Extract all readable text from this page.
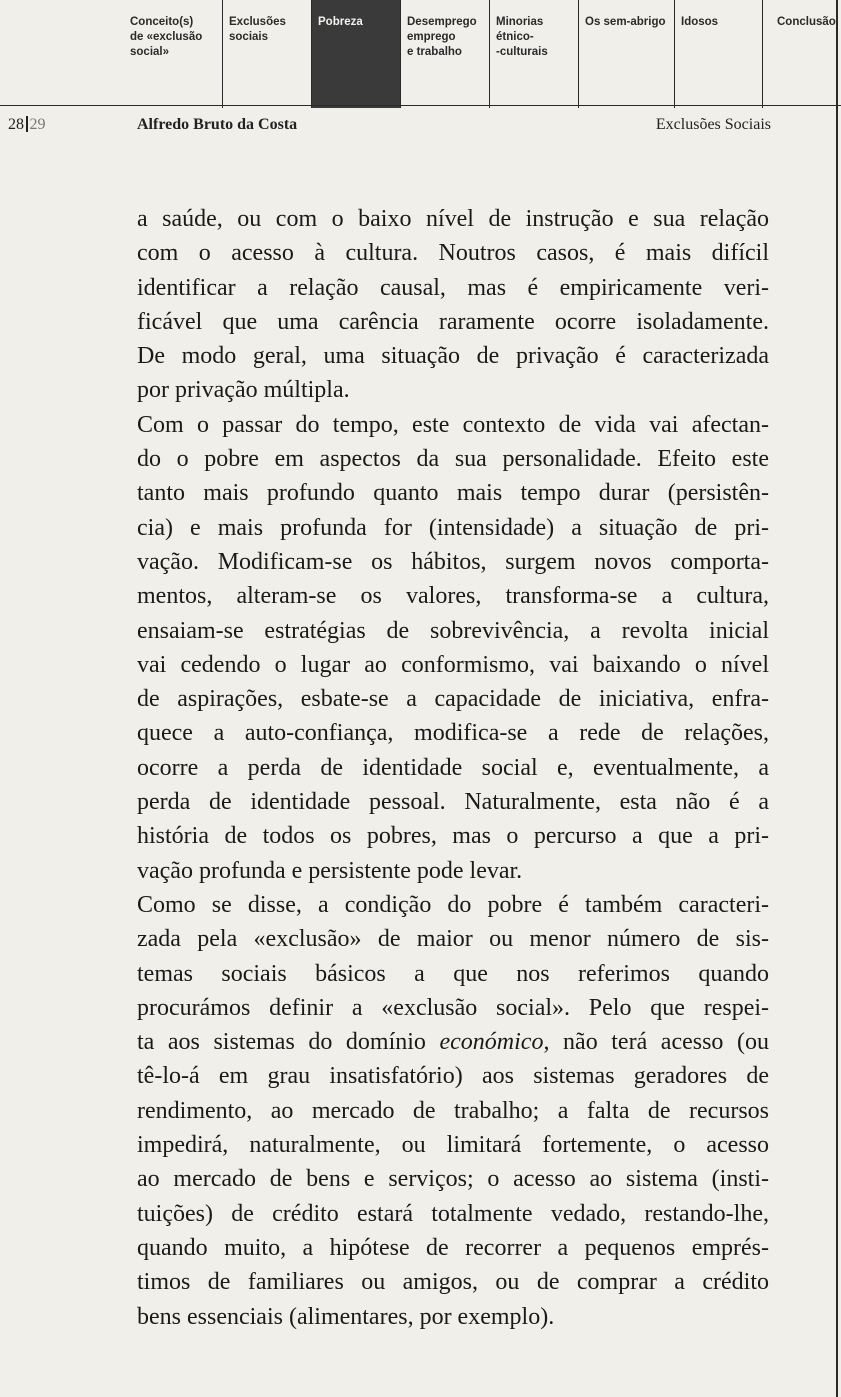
Conceito(s)
de «exclusão
social»
Exclusões
sociais
Pobreza	Desemprego
emprego
e trabalho
Minorias
étnico-
-culturais
Os sem-abrigo	Idosos	Conclusão
28 29	Alfredo Bruto da Costa	Exclusões Sociais
a saúde, ou com o baixo nível de instrução e sua relação
com o acesso à cultura. Noutros casos, é mais difícil
identificar a relação causal, mas é empiricamente veri-
ficável que uma carência raramente ocorre isoladamente.
De modo geral, uma situação de privação é caracterizada
por privação múltipla.
Com o passar do tempo, este contexto de vida vai afectan-
do o pobre em aspectos da sua personalidade. Efeito este
tanto mais profundo quanto mais tempo durar (persistên-
cia) e mais profunda for (intensidade) a situação de pri-
vação. Modificam-se os hábitos, surgem novos comporta-
mentos, alteram-se os valores, transforma-se a cultura,
ensaiam-se estratégias de sobrevivência, a revolta inicial
vai cedendo o lugar ao conformismo, vai baixando o nível
de aspirações, esbate-se a capacidade de iniciativa, enfra-
quece a auto-confiança, modifica-se a rede de relações,
ocorre a perda de identidade social e, eventualmente, a
perda de identidade pessoal. Naturalmente, esta não é a
história de todos os pobres, mas o percurso a que a pri-
vação profunda e persistente pode levar.
Como se disse, a condição do pobre é também caracteri-
zada pela «exclusão» de maior ou menor número de sis-
temas sociais básicos a que nos referimos quando
procurámos definir a «exclusão social». Pelo que respei-
ta aos sistemas do domínio económico, não terá acesso (ou
tê-lo-á em grau insatisfatório) aos sistemas geradores de
rendimento, ao mercado de trabalho; a falta de recursos
impedirá, naturalmente, ou limitará fortemente, o acesso
ao mercado de bens e serviços; o acesso ao sistema (insti-
tuições) de crédito estará totalmente vedado, restando-lhe,
quando muito, a hipótese de recorrer a pequenos emprés-
timos de familiares ou amigos, ou de comprar a crédito
bens essenciais (alimentares, por exemplo).
